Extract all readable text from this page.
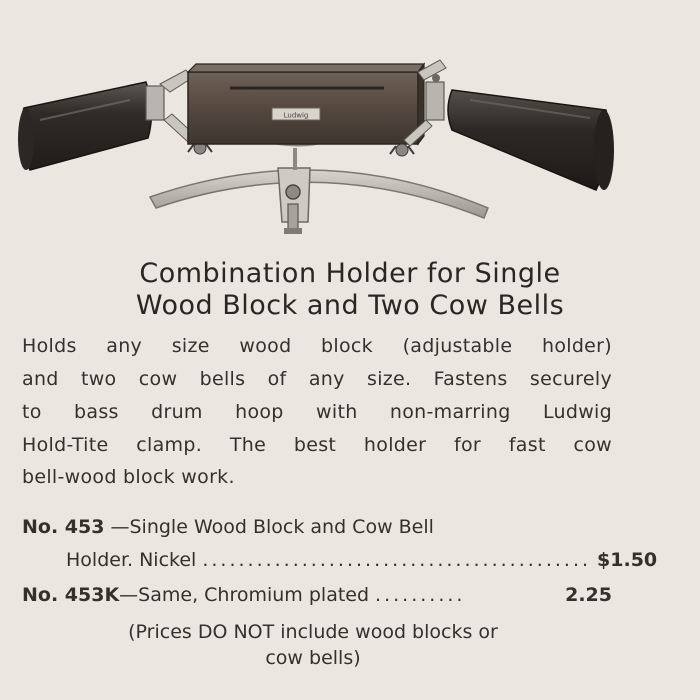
Ludwig
Combination Holder for Single
Wood Block and Two Cow Bells
Holds any size wood block (adjustable holder)
and two cow bells of any size. Fastens securely
to bass drum hoop with non-marring Ludwig
Hold-Tite clamp. The best holder for fast cow
bell-wood block work.
No. 453 —Single Wood Block and Cow Bell
Holder. Nickel ........................................... $1.50
No. 453K —Same, Chromium plated ..........	2.25
(Prices DO NOT include wood blocks or
cow bells)
